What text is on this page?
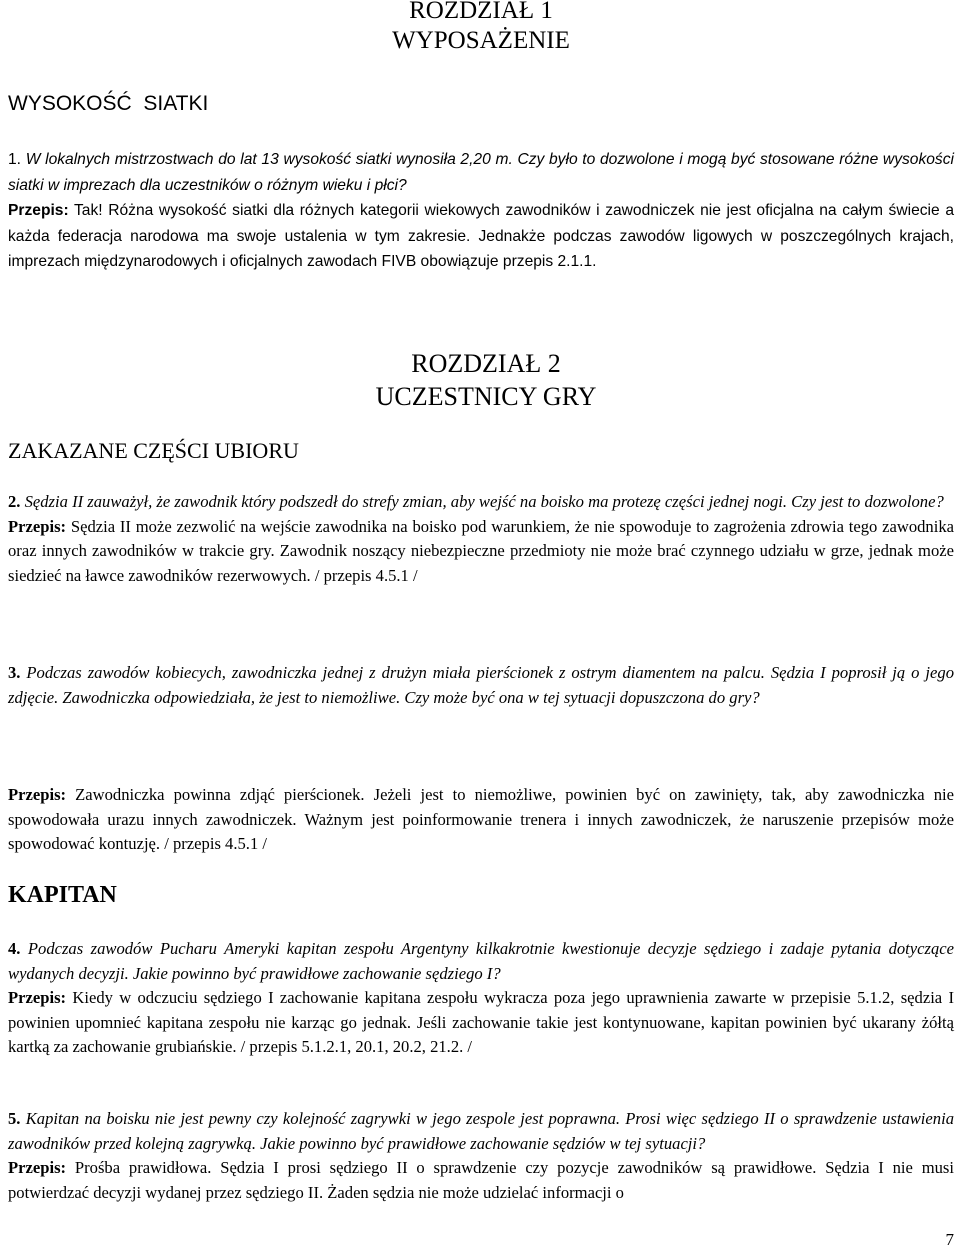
ROZDZIAŁ 1
WYPOSAŻENIE
WYSOKOŚĆ  SIATKI

1. W lokalnych mistrzostwach do lat 13 wysokość siatki wynosiła 2,20 m. Czy było to dozwolone i mogą być stosowane różne wysokości siatki w imprezach dla uczestników o różnym wieku i płci?
Przepis: Tak! Różna wysokość siatki dla różnych kategorii wiekowych zawodników i zawodniczek nie jest oficjalna na całym świecie a każda federacja narodowa ma swoje ustalenia w tym zakresie. Jednakże podczas zawodów ligowych w poszczególnych krajach, imprezach międzynarodowych i oficjalnych zawodach FIVB obowiązuje przepis 2.1.1.

ROZDZIAŁ 2
UCZESTNICY GRY
ZAKAZANE CZĘŚCI UBIORU

2. Sędzia II zauważył, że zawodnik który podszedł do strefy zmian, aby wejść na boisko ma protezę części jednej nogi. Czy jest to dozwolone?
Przepis: Sędzia II może zezwolić na wejście zawodnika na boisko pod warunkiem, że nie spowoduje to zagrożenia zdrowia tego zawodnika oraz innych zawodników w trakcie gry. Zawodnik noszący niebezpieczne przedmioty nie może brać czynnego udziału w grze, jednak może siedzieć na ławce zawodników rezerwowych. / przepis 4.5.1 /

3. Podczas zawodów kobiecych, zawodniczka jednej z drużyn miała pierścionek z ostrym diamentem na palcu. Sędzia I poprosił ją o jego zdjęcie. Zawodniczka odpowiedziała, że jest to niemożliwe. Czy może być ona w tej sytuacji dopuszczona do gry?

Przepis: Zawodniczka powinna zdjąć pierścionek. Jeżeli jest to niemożliwe, powinien być on zawinięty, tak, aby zawodniczka nie spowodowała urazu innych zawodniczek. Ważnym jest poinformowanie trenera i innych zawodniczek, że naruszenie przepisów może spowodować kontuzję. / przepis 4.5.1 /

KAPITAN

4. Podczas zawodów Pucharu Ameryki kapitan zespołu Argentyny kilkakrotnie kwestionuje decyzje sędziego i zadaje pytania dotyczące wydanych decyzji. Jakie powinno być prawidłowe zachowanie sędziego I?
Przepis: Kiedy w odczuciu sędziego I zachowanie kapitana zespołu wykracza poza jego uprawnienia zawarte w przepisie 5.1.2, sędzia I powinien upomnieć kapitana zespołu nie karząc go jednak. Jeśli zachowanie takie jest kontynuowane, kapitan powinien być ukarany żółtą kartką za zachowanie grubiańskie. / przepis 5.1.2.1, 20.1, 20.2, 21.2. /

5. Kapitan na boisku nie jest pewny czy kolejność zagrywki w jego zespole jest poprawna. Prosi więc sędziego II o sprawdzenie ustawienia zawodników przed kolejną zagrywką. Jakie powinno być prawidłowe zachowanie sędziów w tej sytuacji?
Przepis: Prośba prawidłowa. Sędzia I prosi sędziego II o sprawdzenie czy pozycje zawodników są prawidłowe. Sędzia I nie musi potwierdzać decyzji wydanej przez sędziego II. Żaden sędzia nie może udzielać informacji o

7
